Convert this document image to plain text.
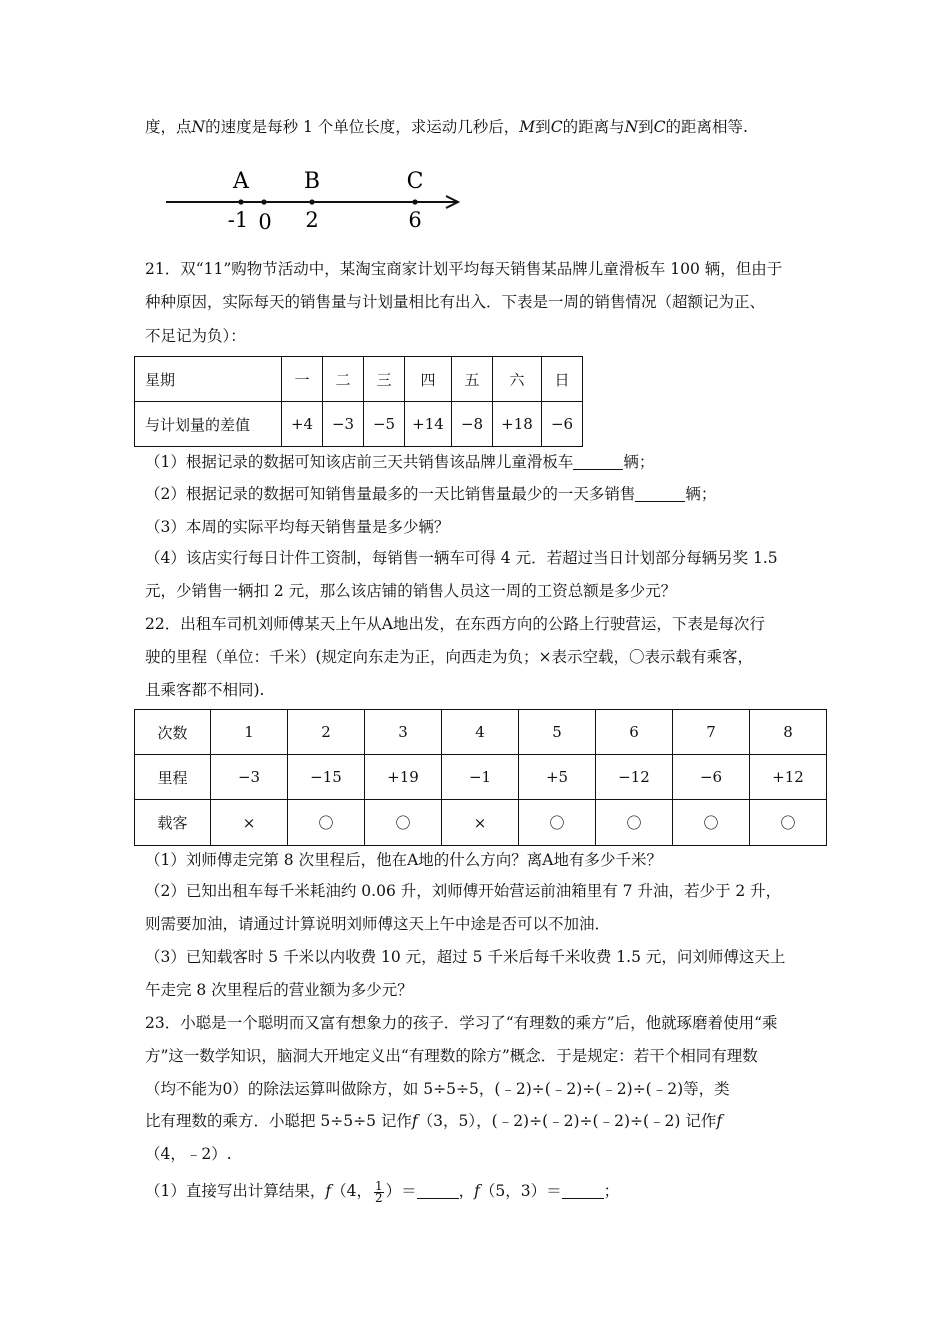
度，点N的速度是每秒 1 个单位长度，求运动几秒后，M到C的距离与N到C的距离相等.
A B	C
-1 0 2	6
21．双“11”购物节活动中，某淘宝商家计划平均每天销售某品牌儿童滑板车 100 辆，但由于
种种原因，实际每天的销售量与计划量相比有出入．下表是一周的销售情况（超额记为正、
不足记为负）：
星期	一	二	三	四	五	六	日
与计划量的差值	+4	−3	−5	+14	−8	+18	−6
（1）根据记录的数据可知该店前三天共销售该品牌儿童滑板车	辆；
（2）根据记录的数据可知销售量最多的一天比销售量最少的一天多销售	辆；
（3）本周的实际平均每天销售量是多少辆？
（4）该店实行每日计件工资制，每销售一辆车可得 4 元．若超过当日计划部分每辆另奖 1.5
元，少销售一辆扣 2 元，那么该店铺的销售人员这一周的工资总额是多少元？
22．出租车司机刘师傅某天上午从A地出发，在东西方向的公路上行驶营运，下表是每次行
驶的里程（单位：千米）(规定向东走为正，向西走为负；×表示空载，〇表示载有乘客，
且乘客都不相同).
次数	1	2	3	4	5	6	7	8
里程	−3	−15	+19	−1	+5	−12	−6	+12
载客	×	〇	〇	×	〇	〇	〇	〇
（1）刘师傅走完第 8 次里程后，他在A地的什么方向？离A地有多少千米？
（2）已知出租车每千米耗油约 0.06 升，刘师傅开始营运前油箱里有 7 升油，若少于 2 升，
则需要加油，请通过计算说明刘师傅这天上午中途是否可以不加油．
（3）已知载客时 5 千米以内收费 10 元，超过 5 千米后每千米收费 1.5 元，问刘师傅这天上
午走完 8 次里程后的营业额为多少元？
23．小聪是一个聪明而又富有想象力的孩子．学习了“有理数的乘方”后，他就琢磨着使用“乘
方”这一数学知识，脑洞大开地定义出“有理数的除方”概念．于是规定：若干个相同有理数
（均不能为0）的除法运算叫做除方，如 5÷5÷5，(﹣2)÷(﹣2)÷(﹣2)÷(﹣2)等，类
比有理数的乘方．小聪把 5÷5÷5 记作f（3，5），(﹣2)÷(﹣2)÷(﹣2)÷(﹣2) 记作f
（4，﹣2）.
（1）直接写出计算结果，f（4， $\frac{1}{2}$ ）＝	，f（5，3）＝	；
